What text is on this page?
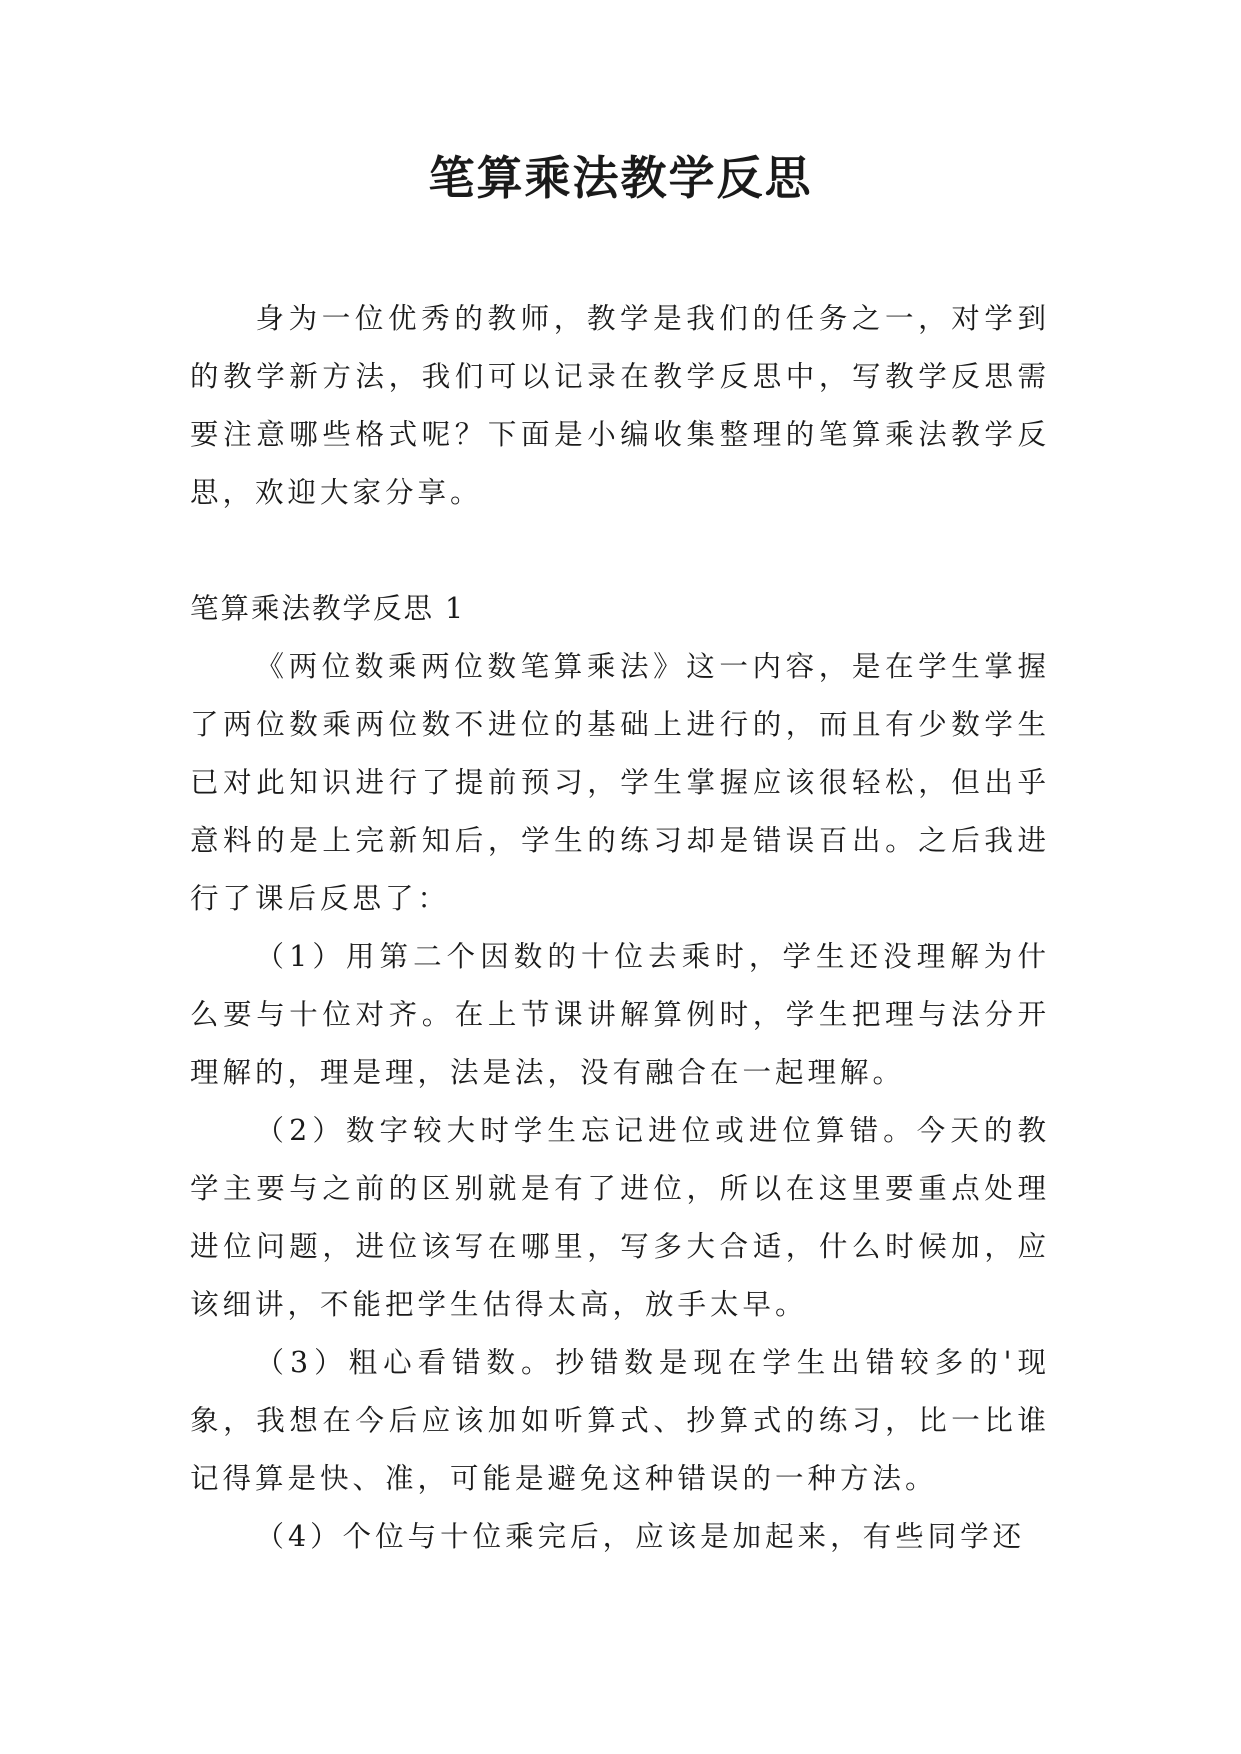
笔算乘法教学反思

身为一位优秀的教师，教学是我们的任务之一，对学到的教学新方法，我们可以记录在教学反思中，写教学反思需要注意哪些格式呢？下面是小编收集整理的笔算乘法教学反思，欢迎大家分享。

笔算乘法教学反思 1

《两位数乘两位数笔算乘法》这一内容，是在学生掌握了两位数乘两位数不进位的基础上进行的，而且有少数学生已对此知识进行了提前预习，学生掌握应该很轻松，但出乎意料的是上完新知后，学生的练习却是错误百出。之后我进行了课后反思了：

（1）用第二个因数的十位去乘时，学生还没理解为什么要与十位对齐。在上节课讲解算例时，学生把理与法分开理解的，理是理，法是法，没有融合在一起理解。

（2）数字较大时学生忘记进位或进位算错。今天的教学主要与之前的区别就是有了进位，所以在这里要重点处理进位问题，进位该写在哪里，写多大合适，什么时候加，应该细讲，不能把学生估得太高，放手太早。

（3）粗心看错数。抄错数是现在学生出错较多的'现象，我想在今后应该加如听算式、抄算式的练习，比一比谁记得算是快、准，可能是避免这种错误的一种方法。

（4）个位与十位乘完后，应该是加起来，有些同学还
